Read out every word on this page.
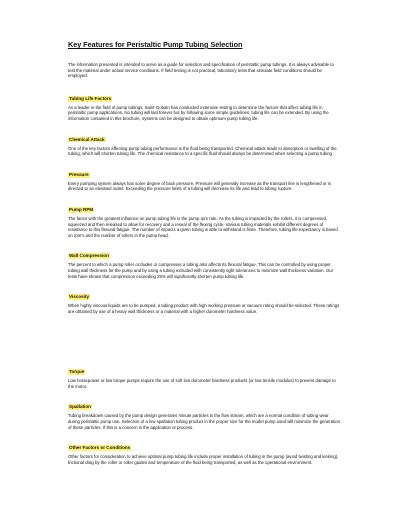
Key Features for Peristaltic Pump Tubing Selection

The information presented is intended to serve as a guide for selection and specification of peristaltic pump tubings. It is always advisable to test the material under actual service conditions. If field testing is not practical, laboratory tests that simulate field conditions should be employed.

Tubing Life Factors

As a leader in the field of pump tubings, Saint-Gobain has conducted extensive testing to determine the factors that affect tubing life in peristaltic pump applications. No tubing will last forever but by following some simple guidelines, tubing life can be extended. By using the information contained in this brochure, systems can be designed to obtain optimum pump tubing life.

Chemical Attack

One of the key factors affecting pump tubing performance is the fluid being transported. Chemical attack leads to absorption or swelling of the tubing, which will shorten tubing life. The chemical resistance to a specific fluid should always be determined when selecting a pump tubing.

Pressure

Every pumping system always has some degree of back pressure. Pressure will generally increase as the transport line is lengthened or is directed to an elevated outlet. Exceeding the pressure limits of a tubing will decrease its life and lead to tubing rupture.

Pump RPM

The factor with the greatest influence on pump tubing life is the pump rpm rate. As the tubing is impacted by the rollers, it is compressed, squeezed and then released to allow for recovery and a reseal of the flexing cycle. Various tubing materials exhibit different degrees of resistance to this flexural fatigue. The number of impacts a given tubing is able to withstand is finite. Therefore, tubing life expectancy is based on rpm's and the number of rollers in the pump head.

Wall Compression

The percent to which a pump roller occludes or compresses a tubing also affects its flexural fatigue. This can be controlled by using proper tubing wall thickness for the pump and by using a tubing extruded with consistently tight tolerances to minimize wall thickness variation. Our tests have shown that compression exceeding 25% will significantly shorten pump tubing life.

Viscosity

When highly viscous liquids are to be pumped, a tubing product with high working pressure or vacuum rating should be selected. These ratings are obtained by use of a heavy wall thickness or a material with a higher durometer hardness value.

Torque

Low horsepower or low torque pumps require the use of soft low durometer hardness products (or low tensile modulus) to prevent damage to the motor.

Spallation

Tubing breakdown caused by the pump design generates minute particles in the flow stream, which are a normal condition of tubing wear during peristaltic pump use. Selection of a low spallation tubing product in the proper size for the model pump used will minimize the generation of these particles. If this is a concern in the application or process.

Other Factors or Conditions

Other factors for consideration to achieve optimal pump tubing life include proper installation of tubing in the pump (avoid twisting and kinking), frictional drag by the roller or roller guides and temperature of the fluid being transported, as well as the operational environment.
